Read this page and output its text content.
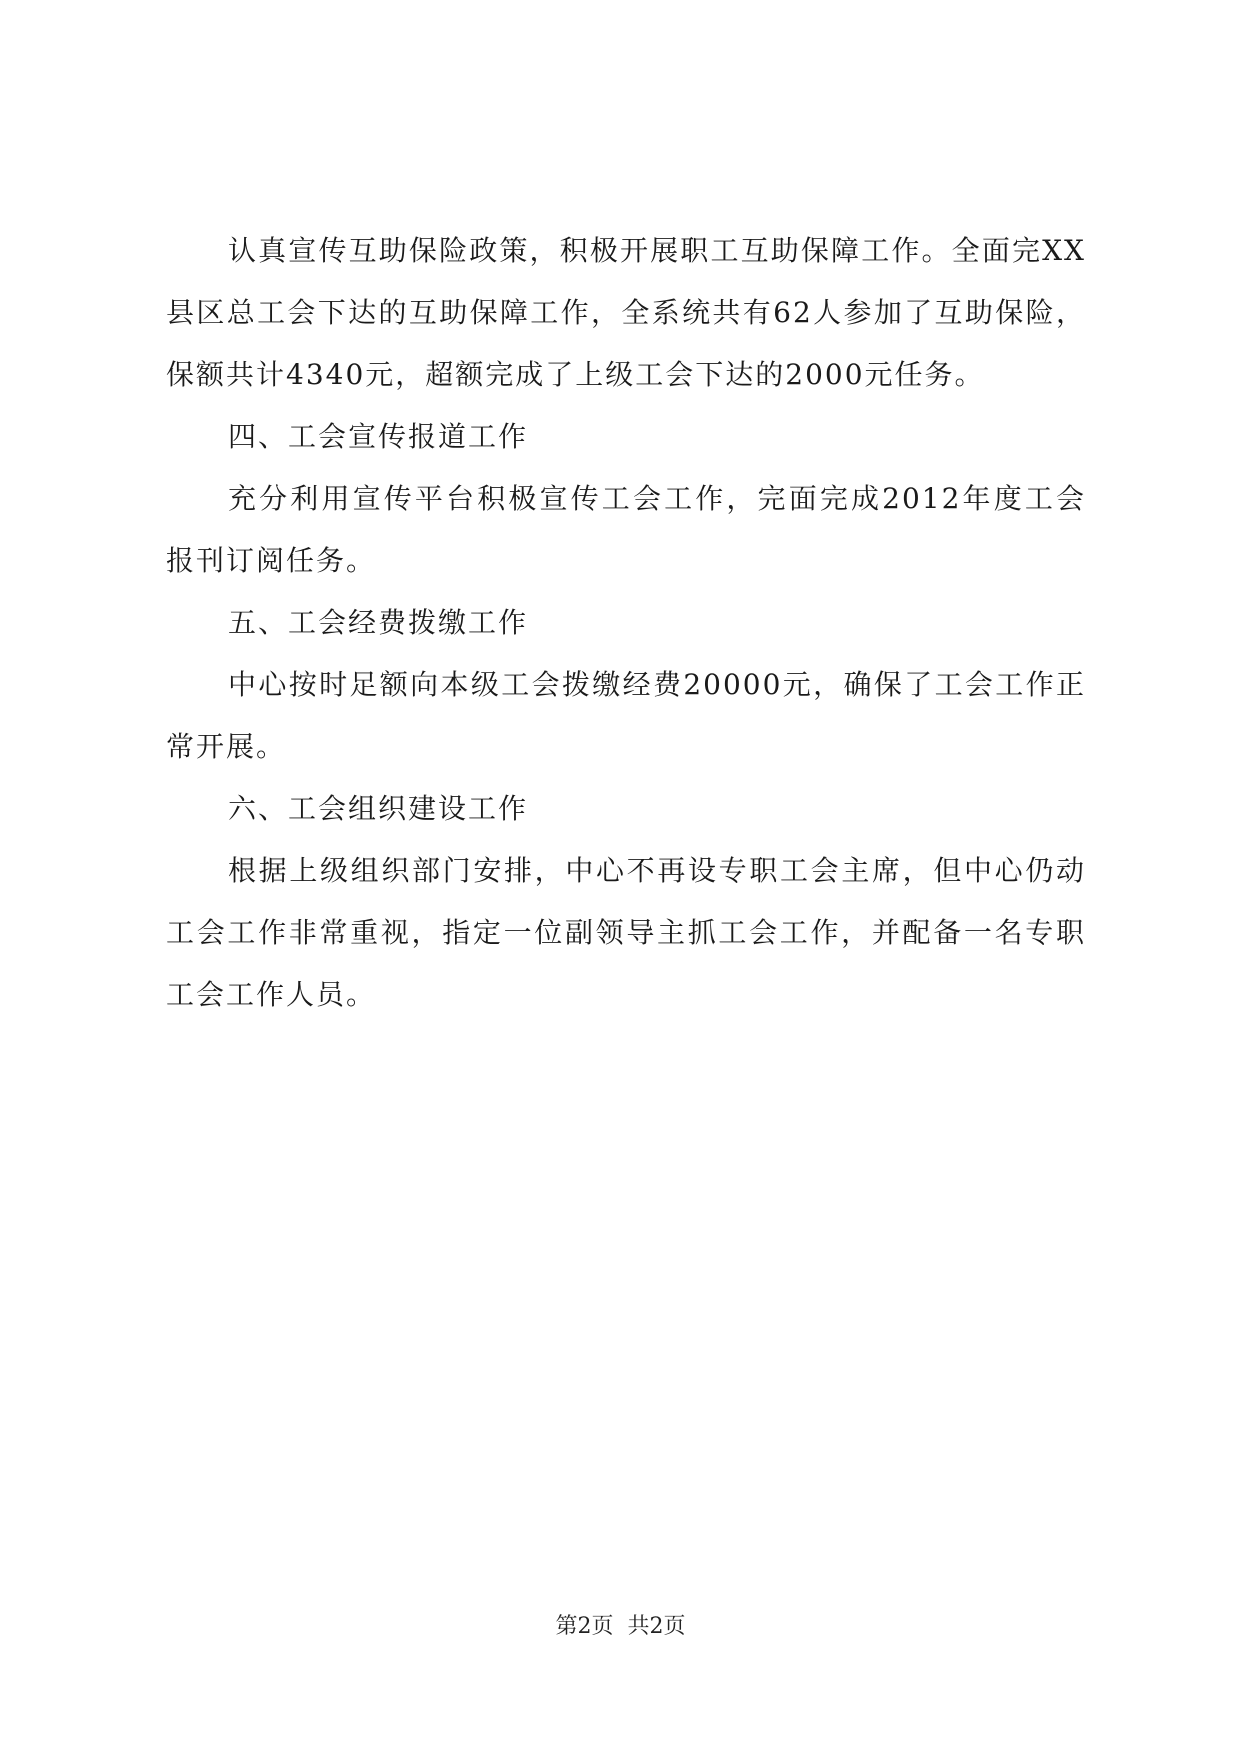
认真宣传互助保险政策，积极开展职工互助保障工作。全面完XX县区总工会下达的互助保障工作，全系统共有62人参加了互助保险，保额共计4340元，超额完成了上级工会下达的2000元任务。

四、工会宣传报道工作

充分利用宣传平台积极宣传工会工作，完面完成2012年度工会报刊订阅任务。

五、工会经费拨缴工作

中心按时足额向本级工会拨缴经费20000元，确保了工会工作正常开展。

六、工会组织建设工作

根据上级组织部门安排，中心不再设专职工会主席，但中心仍动工会工作非常重视，指定一位副领导主抓工会工作，并配备一名专职工会工作人员。

第2页 共2页
